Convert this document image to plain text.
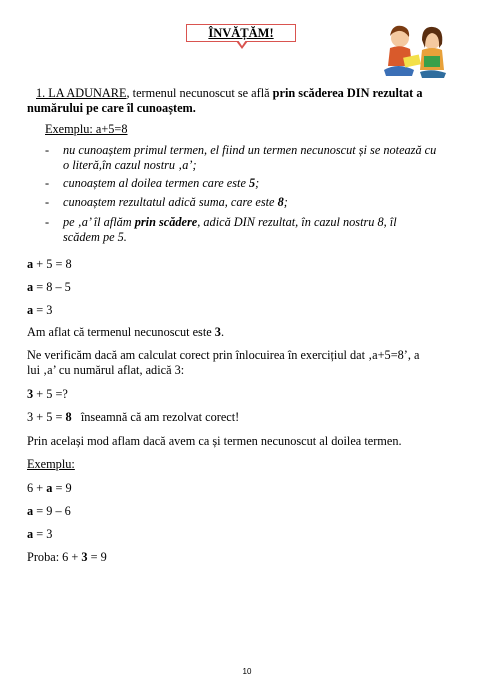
ÎNVĂȚĂM!
1. LA ADUNARE, termenul necunoscut se află prin scăderea DIN rezultat a
numărului pe care îl cunoaștem.
Exemplu: a+5=8
- nu cunoaștem primul termen, el fiind un termen necunoscut și se notează cu
o literă,în cazul nostru ‚a’;
- cunoaștem al doilea termen care este 5;
- cunoaștem rezultatul adică suma, care este 8;
- pe ‚a’ îl aflăm prin scădere, adică DIN rezultat, în cazul nostru 8, îl
scădem pe 5.
a + 5 = 8
a = 8 – 5
a = 3
Am aflat că termenul necunoscut este 3.
Ne verificăm dacă am calculat corect prin înlocuirea în exercițiul dat ‚a+5=8’, a
lui ‚a’ cu numărul aflat, adică 3:
3 + 5 =?
3 + 5 = 8   înseamnă că am rezolvat corect!
Prin același mod aflam dacă avem ca și termen necunoscut al doilea termen.
Exemplu:
6 + a = 9
a = 9 – 6
a = 3
Proba: 6 + 3 = 9
10
